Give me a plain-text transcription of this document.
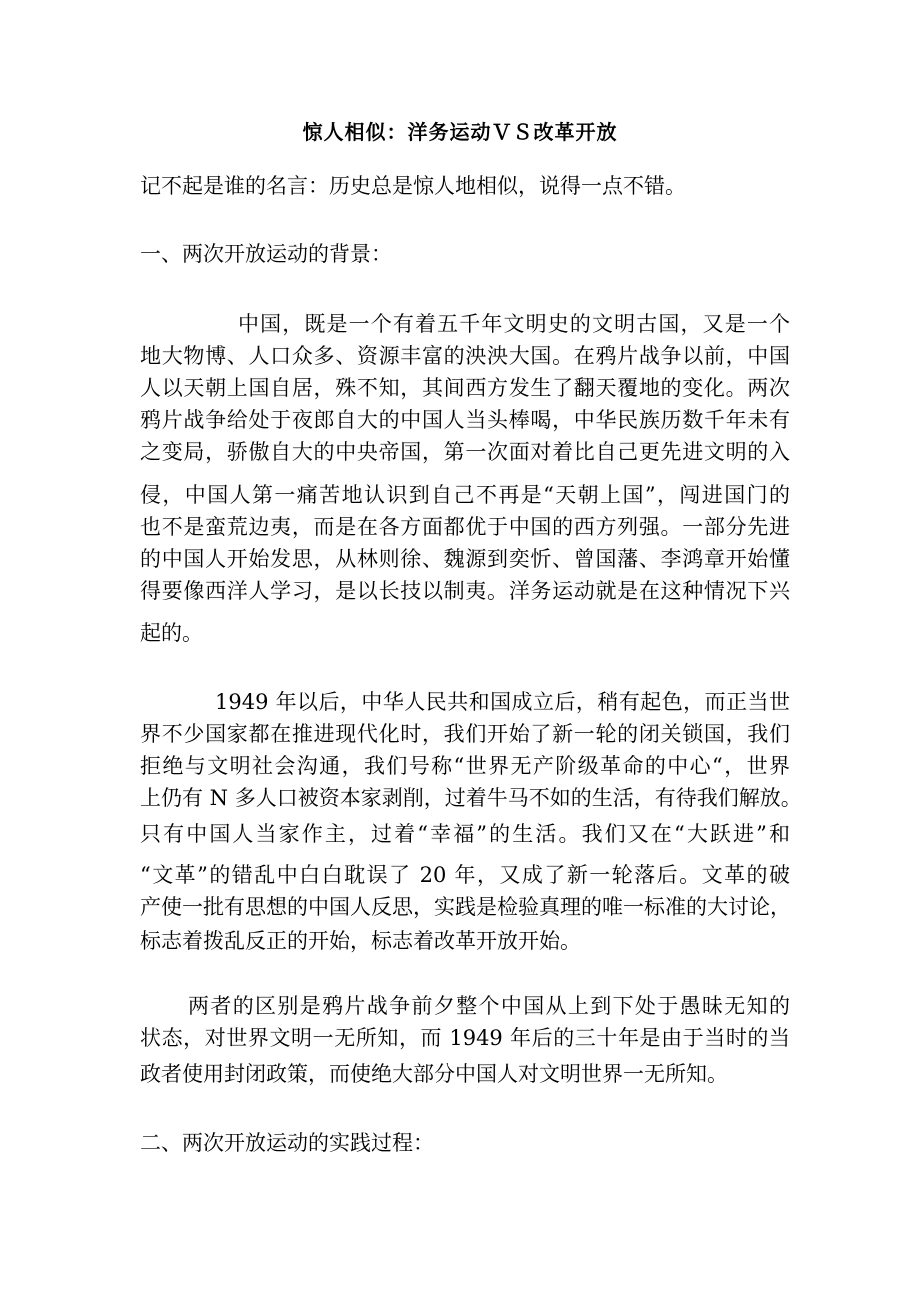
惊人相似：洋务运动ＶＳ改革开放
记不起是谁的名言：历史总是惊人地相似，说得一点不错。
一、两次开放运动的背景：
中国，既是一个有着五千年文明史的文明古国，又是一个
地大物博、人口众多、资源丰富的泱泱大国。在鸦片战争以前，中国
人以天朝上国自居，殊不知，其间西方发生了翻天覆地的变化。两次
鸦片战争给处于夜郎自大的中国人当头棒喝，中华民族历数千年未有
之变局，骄傲自大的中央帝国，第一次面对着比自己更先进文明的入
侵，中国人第一痛苦地认识到自己不再是“天朝上国”，闯进国门的
也不是蛮荒边夷，而是在各方面都优于中国的西方列强。一部分先进
的中国人开始发思，从林则徐、魏源到奕忻、曾国藩、李鸿章开始懂
得要像西洋人学习，是以长技以制夷。洋务运动就是在这种情况下兴
起的。
1949 年以后，中华人民共和国成立后，稍有起色，而正当世
界不少国家都在推进现代化时，我们开始了新一轮的闭关锁国，我们
拒绝与文明社会沟通，我们号称“世界无产阶级革命的中心“，世界
上仍有 N 多人口被资本家剥削，过着牛马不如的生活，有待我们解放。
只有中国人当家作主，过着“幸福”的生活。我们又在“大跃进”和
“文革”的错乱中白白耽误了 20 年，又成了新一轮落后。文革的破
产使一批有思想的中国人反思，实践是检验真理的唯一标准的大讨论，
标志着拨乱反正的开始，标志着改革开放开始。
两者的区别是鸦片战争前夕整个中国从上到下处于愚昧无知的
状态，对世界文明一无所知，而 1949 年后的三十年是由于当时的当
政者使用封闭政策，而使绝大部分中国人对文明世界一无所知。
二、两次开放运动的实践过程：
